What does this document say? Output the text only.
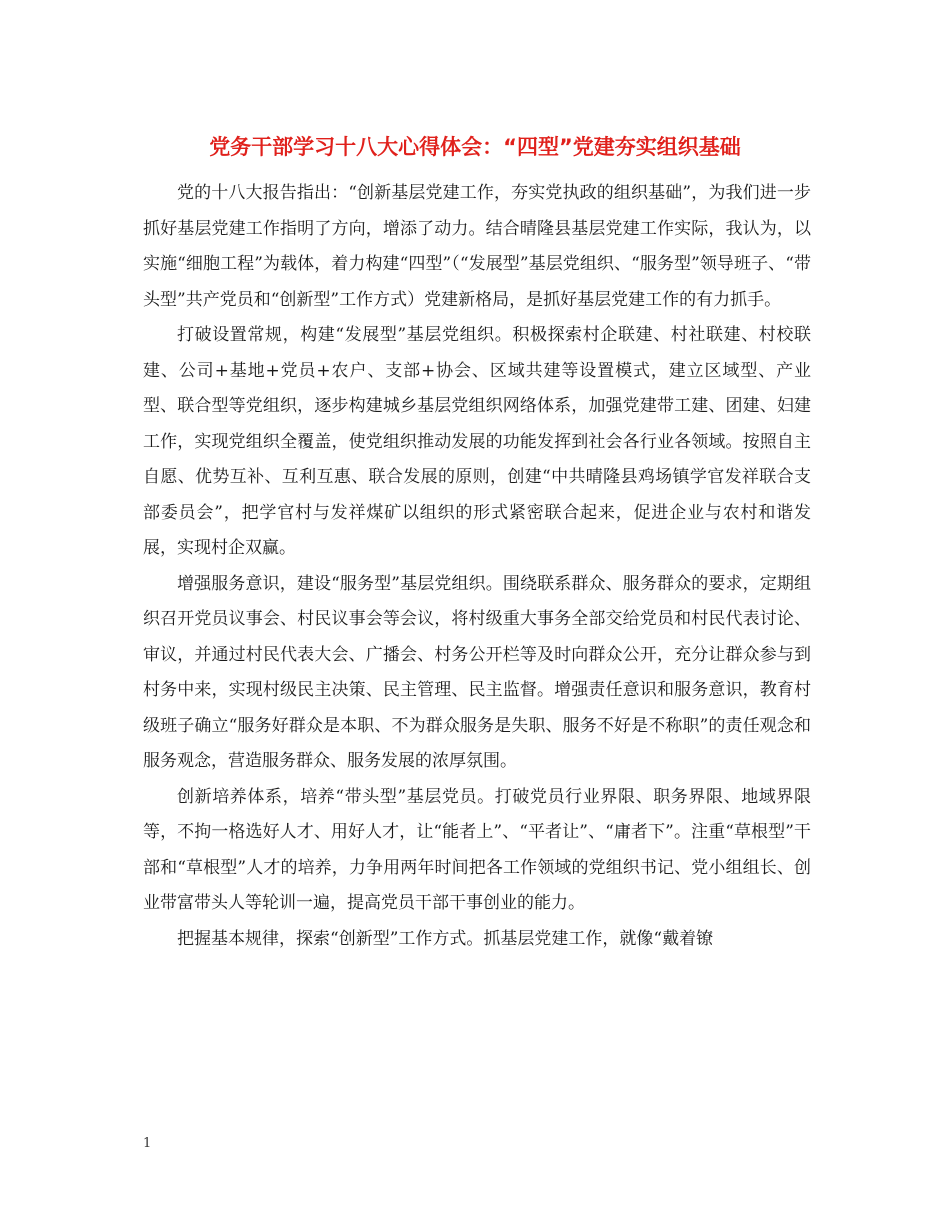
党务干部学习十八大心得体会：“四型”党建夯实组织基础

党的十八大报告指出：“创新基层党建工作，夯实党执政的组织基础”，为我们进一步抓好基层党建工作指明了方向，增添了动力。结合晴隆县基层党建工作实际，我认为，以实施“细胞工程”为载体，着力构建“四型”（“发展型”基层党组织、“服务型”领导班子、“带头型”共产党员和“创新型”工作方式）党建新格局，是抓好基层党建工作的有力抓手。

打破设置常规，构建“发展型”基层党组织。积极探索村企联建、村社联建、村校联建、公司+基地+党员+农户、支部+协会、区域共建等设置模式，建立区域型、产业型、联合型等党组织，逐步构建城乡基层党组织网络体系，加强党建带工建、团建、妇建工作，实现党组织全覆盖，使党组织推动发展的功能发挥到社会各行业各领域。按照自主自愿、优势互补、互利互惠、联合发展的原则，创建“中共晴隆县鸡场镇学官发祥联合支部委员会”，把学官村与发祥煤矿以组织的形式紧密联合起来，促进企业与农村和谐发展，实现村企双赢。

增强服务意识，建设“服务型”基层党组织。围绕联系群众、服务群众的要求，定期组织召开党员议事会、村民议事会等会议，将村级重大事务全部交给党员和村民代表讨论、审议，并通过村民代表大会、广播会、村务公开栏等及时向群众公开，充分让群众参与到村务中来，实现村级民主决策、民主管理、民主监督。增强责任意识和服务意识，教育村级班子确立“服务好群众是本职、不为群众服务是失职、服务不好是不称职”的责任观念和服务观念，营造服务群众、服务发展的浓厚氛围。

创新培养体系，培养“带头型”基层党员。打破党员行业界限、职务界限、地域界限等，不拘一格选好人才、用好人才，让“能者上”、“平者让”、“庸者下”。注重“草根型”干部和“草根型”人才的培养，力争用两年时间把各工作领域的党组织书记、党小组组长、创业带富带头人等轮训一遍，提高党员干部干事创业的能力。

把握基本规律，探索“创新型”工作方式。抓基层党建工作，就像“戴着镣

1
